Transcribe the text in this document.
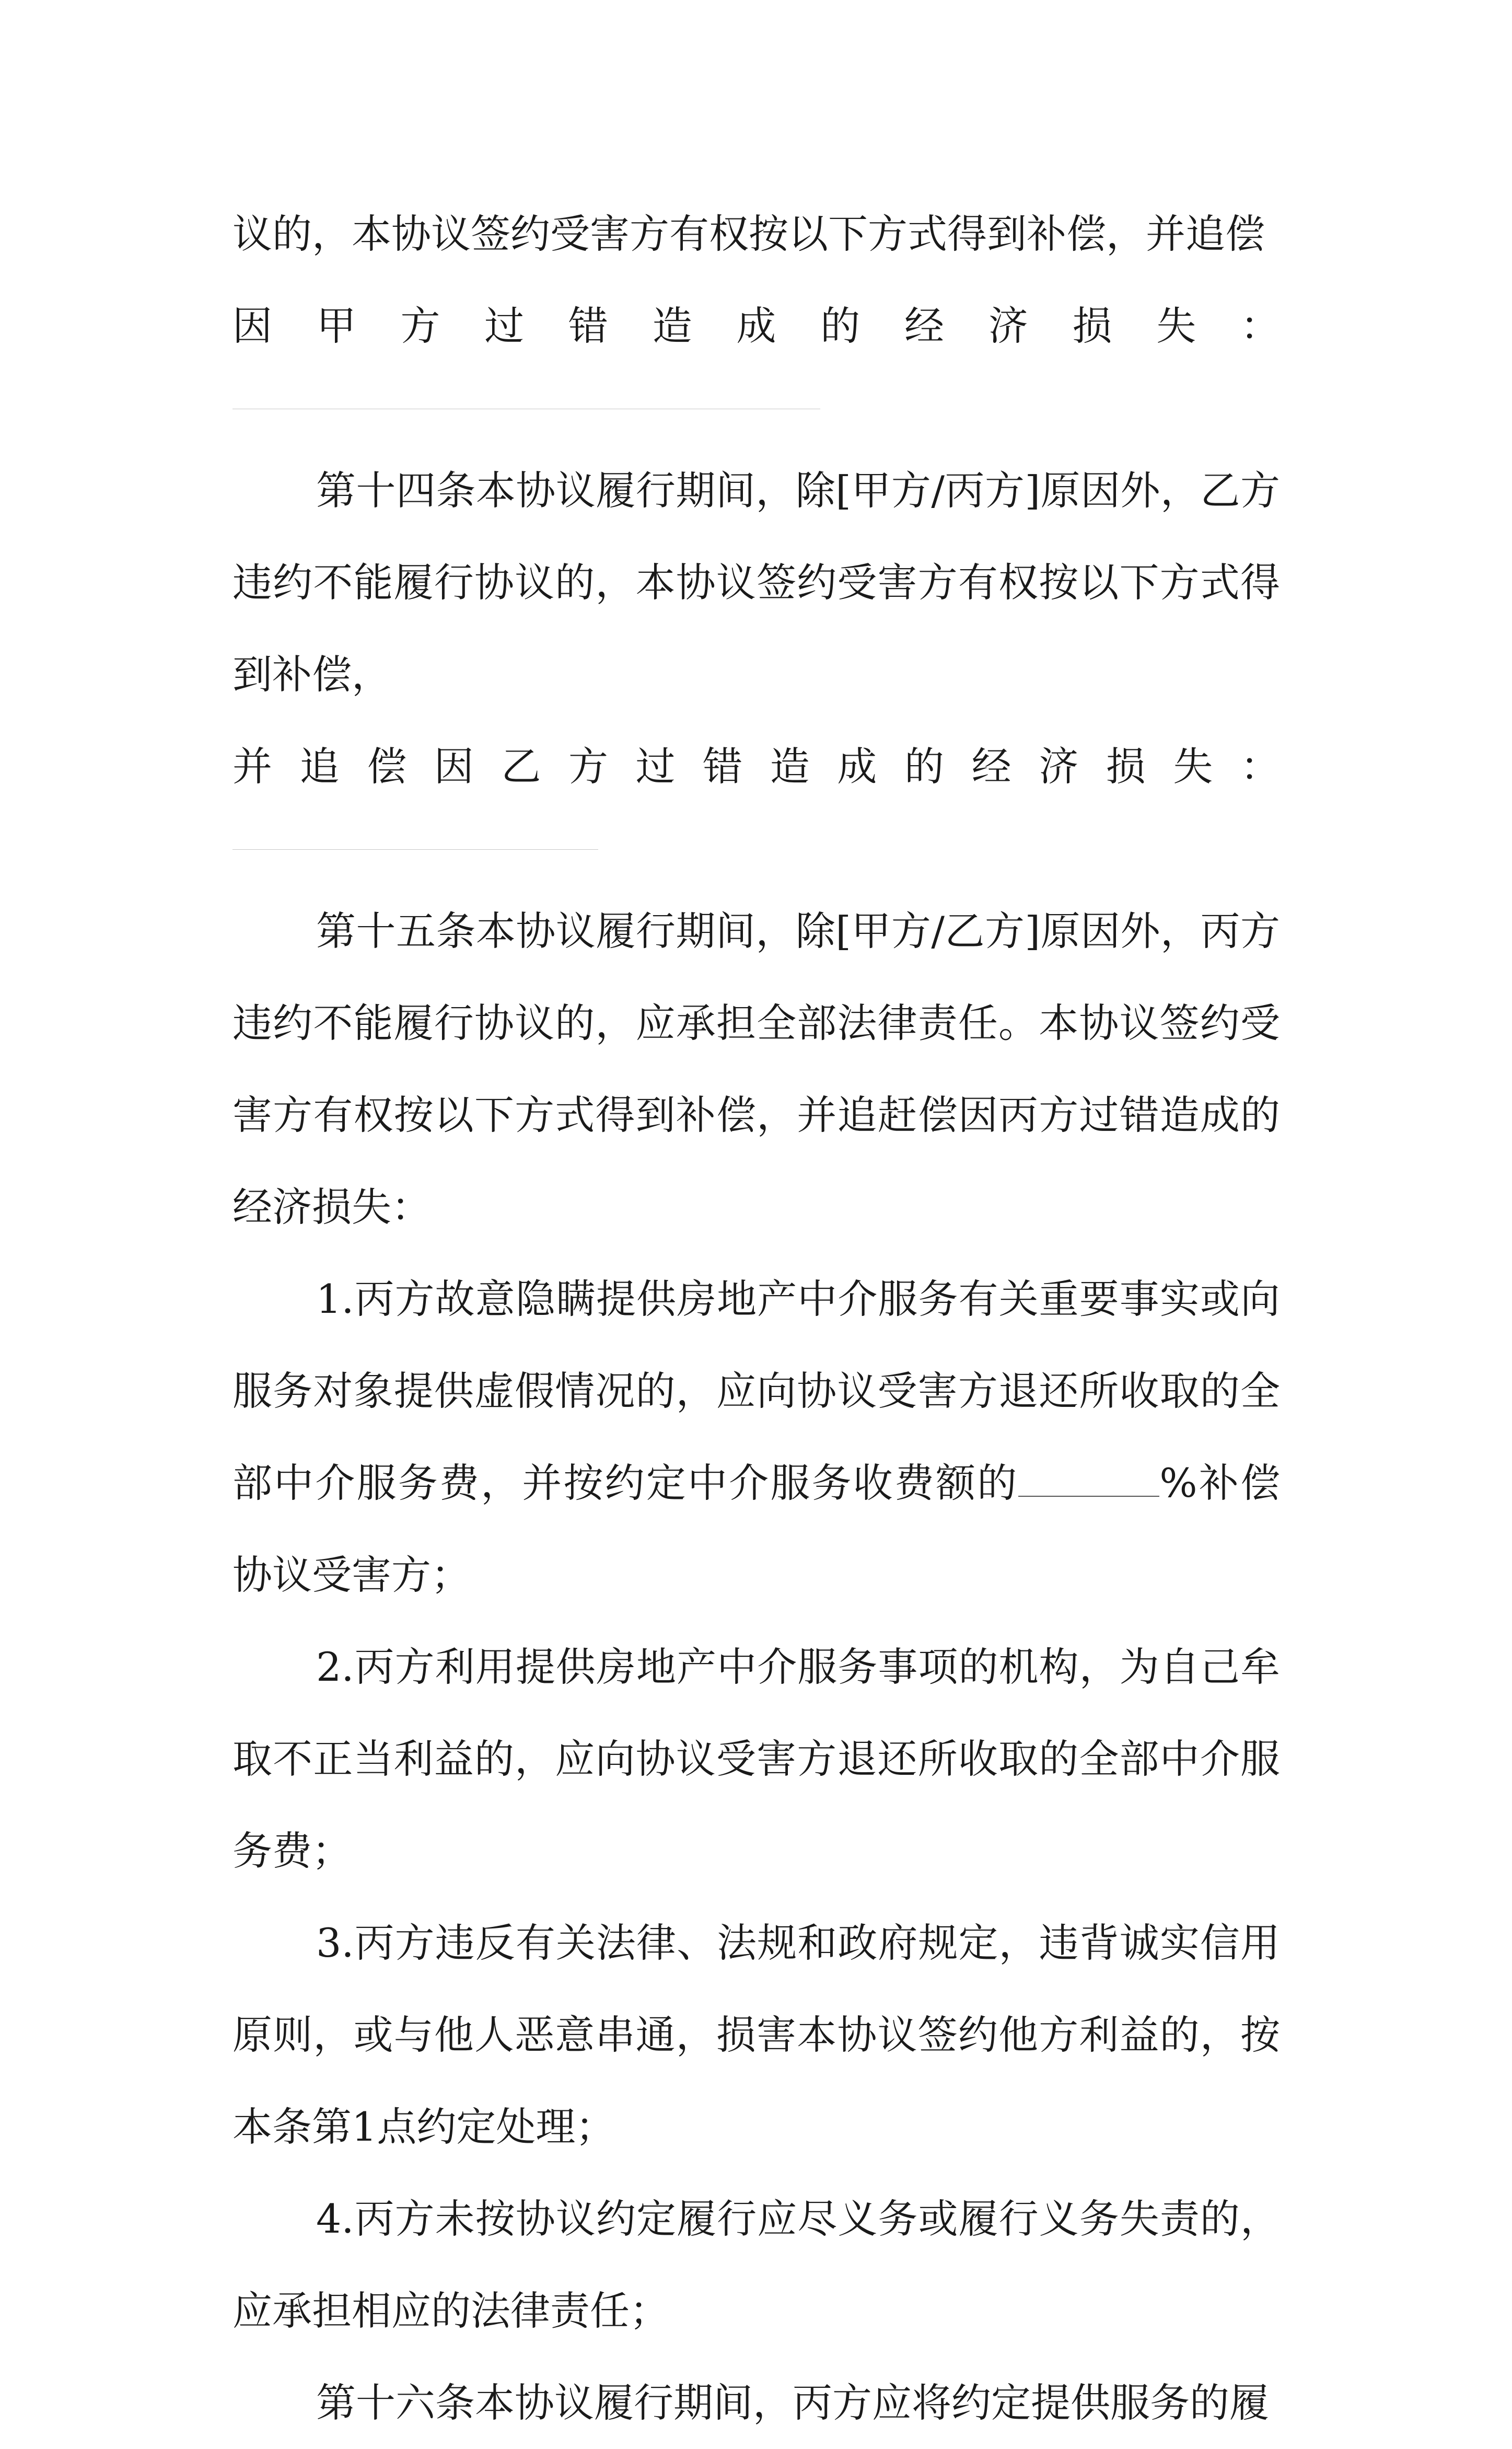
议的，本协议签约受害方有权按以下方式得到补偿，并追偿

因甲方过错造成的经济损失：

第十四条本协议履行期间，除[甲方/丙方]原因外，乙方违约不能履行协议的，本协议签约受害方有权按以下方式得到补偿，

并追偿因乙方过错造成的经济损失：

第十五条本协议履行期间，除[甲方/乙方]原因外，丙方违约不能履行协议的，应承担全部法律责任。本协议签约受害方有权按以下方式得到补偿，并追赶偿因丙方过错造成的经济损失：

1.丙方故意隐瞒提供房地产中介服务有关重要事实或向服务对象提供虚假情况的，应向协议受害方退还所收取的全部中介服务费，并按约定中介服务收费额的	%补偿协议受害方；

2.丙方利用提供房地产中介服务事项的机构，为自己牟取不正当利益的，应向协议受害方退还所收取的全部中介服务费；

3.丙方违反有关法律、法规和政府规定，违背诚实信用原则，或与他人恶意串通，损害本协议签约他方利益的，按本条第1点约定处理；

4.丙方未按协议约定履行应尽义务或履行义务失责的，应承担相应的法律责任；

第十六条本协议履行期间，丙方应将约定提供服务的履
